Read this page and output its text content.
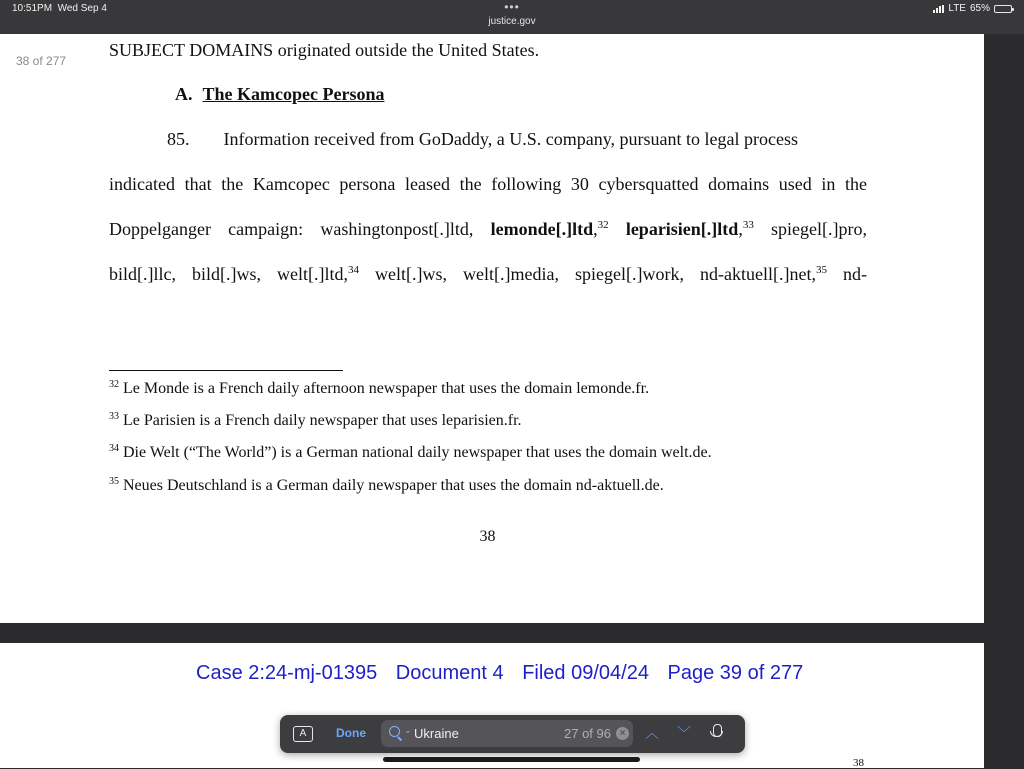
10:51PM Wed Sep 4	•••
justice.gov
LTE 65%
38 of 277
SUBJECT DOMAINS originated outside the United States.
A. The Kamcopec Persona
85. Information received from GoDaddy, a U.S. company, pursuant to legal process
indicated that the Kamcopec persona leased the following 30 cybersquatted domains used in the
Doppelganger campaign: washingtonpost[.]ltd, lemonde[.]ltd,$^{32}$ leparisien[.]ltd,$^{33}$ spiegel[.]pro,
bild[.]llc, bild[.]ws, welt[.]ltd,$^{34}$ welt[.]ws, welt[.]media, spiegel[.]work, nd-aktuell[.]net,$^{35}$ nd-
$^{32}$ Le Monde is a French daily afternoon newspaper that uses the domain lemonde.fr.
$^{33}$ Le Parisien is a French daily newspaper that uses leparisien.fr.
$^{34}$ Die Welt (“The World”) is a German national daily newspaper that uses the domain welt.de.
$^{35}$ Neues Deutschland is a German daily newspaper that uses the domain nd-aktuell.de.
38
Case 2:24-mj-01395 Document 4 Filed 09/04/24 Page 39 of 277
38
A	Done	⌄ Ukraine	27 of 96 × ︿ ﹀
